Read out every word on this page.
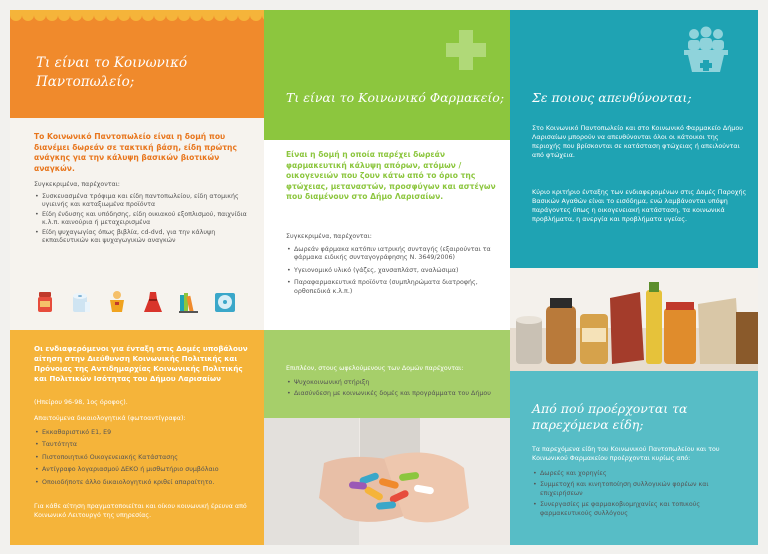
Τι είναι το Κοινωνικό Παντοπωλείο;

Το Κοινωνικό Παντοπωλείο είναι η δομή που διανέμει δωρεάν σε τακτική βάση, είδη πρώτης ανάγκης για την κάλυψη βασικών βιοτικών αναγκών.

Συγκεκριμένα, παρέχονται:

• Συσκευασμένα τρόφιμα και είδη παντοπωλείου, είδη ατομικής υγιεινής και καταξιωμένα προϊόντα
• Είδη ένδυσης και υπόδησης, είδη οικιακού εξοπλισμού, παιχνίδια κ.λ.π. καινούρια ή μεταχειρισμένα
• Είδη ψυχαγωγίας όπως βιβλία, cd-dvd, για την κάλυψη εκπαιδευτικών και ψυχαγωγικών αναγκών

Οι ενδιαφερόμενοι για ένταξη στις Δομές υποβάλουν αίτηση στην Διεύθυνση Κοινωνικής Πολιτικής και Πρόνοιας της Αντιδημαρχίας Κοινωνικής Πολιτικής και Πολιτικών Ισότητας του Δήμου Λαρισαίων

(Ηπείρου 96-98, 1ος όροφος).

Απαιτούμενα δικαιολογητικά (φωτοαντίγραφα):

• Εκκαθαριστικό Ε1, Ε9
• Ταυτότητα
• Πιστοποιητικό Οικογενειακής Κατάστασης
• Αντίγραφο λογαριασμού ΔΕΚΟ ή μισθωτήριο συμβόλαιο
• Οποιοδήποτε άλλο δικαιολογητικό κριθεί απαραίτητο.

Για κάθε αίτηση πραγματοποιείται και οίκου κοινωνική έρευνα από Κοινωνικό Λειτουργό της υπηρεσίας.

Τι είναι το Κοινωνικό Φαρμακείο;

Είναι η δομή η οποία παρέχει δωρεάν φαρμακευτική κάλυψη απόρων, ατόμων /οικογενειών που ζουν κάτω από το όριο της φτώχειας, μεταναστών, προσφύγων και αστέγων που διαμένουν στο Δήμο Λαρισαίων.

Συγκεκριμένα, παρέχονται:

• Δωρεάν φάρμακα κατόπιν ιατρικής συνταγής (εξαιρούνται τα φάρμακα ειδικής συνταγογράφησης Ν. 3649/2006)
• Υγειονομικό υλικό (γάζες, χανσαπλάστ, αναλώσιμα)
• Παραφαρμακευτικά προϊόντα (συμπληρώματα διατροφής, ορθοπεδικά κ.λ.π.)

Επιπλέον, στους ωφελούμενους των Δομών παρέχονται:

• Ψυχοκοινωνική στήριξη
• Διασύνδεση με κοινωνικές δομές και προγράμματα του Δήμου
Σε ποιους απευθύνονται;

Στο Κοινωνικό Παντοπωλείο και στο Κοινωνικό Φαρμακείο Δήμου Λαρισαίων μπορούν να απευθύνονται όλοι οι κάτοικοι της περιοχής που βρίσκονται σε κατάσταση φτώχειας ή απειλούνται από φτώχεια.

Κύριο κριτήριο ένταξης των ενδιαφερομένων στις Δομές Παροχής Βασικών Αγαθών είναι το εισόδημα, ενώ λαμβάνονται υπόψη παράγοντες όπως η οικογενειακή κατάσταση, τα κοινωνικά προβλήματα, η ανεργία και προβλήματα υγείας.

Από πού προέρχονται τα παρεχόμενα είδη;

Τα παρεχόμενα είδη του Κοινωνικού Παντοπωλείου και του Κοινωνικού Φαρμακείου προέρχονται κυρίως από:

• Δωρεές και χορηγίες
• Συμμετοχή και κινητοποίηση συλλογικών φορέων και επιχειρήσεων
• Συνεργασίες με φαρμακοβιομηχανίες και τοπικούς φαρμακευτικούς συλλόγους
